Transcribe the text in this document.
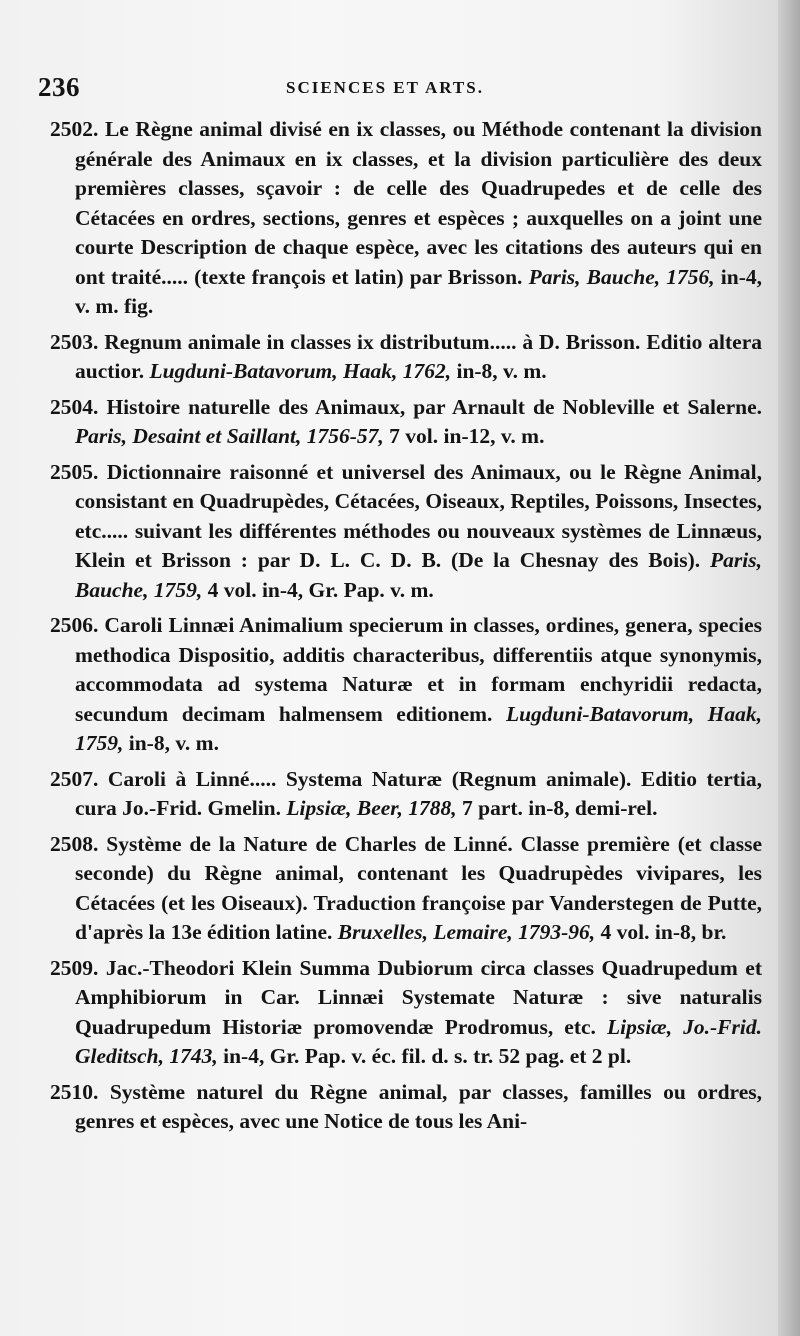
236	SCIENCES ET ARTS.

2502. Le Règne animal divisé en ix classes, ou Méthode contenant la division générale des Animaux en ix classes, et la division particulière des deux premières classes, sçavoir : de celle des Quadrupedes et de celle des Cétacées en ordres, sections, genres et espèces ; auxquelles on a joint une courte Description de chaque espèce, avec les citations des auteurs qui en ont traité..... (texte françois et latin) par Brisson. Paris, Bauche, 1756, in-4, v. m. fig.

2503. Regnum animale in classes ix distributum..... à D. Brisson. Editio altera auctior. Lugduni-Batavorum, Haak, 1762, in-8, v. m.

2504. Histoire naturelle des Animaux, par Arnault de Nobleville et Salerne. Paris, Desaint et Saillant, 1756-57, 7 vol. in-12, v. m.

2505. Dictionnaire raisonné et universel des Animaux, ou le Règne Animal, consistant en Quadrupèdes, Cétacées, Oiseaux, Reptiles, Poissons, Insectes, etc..... suivant les différentes méthodes ou nouveaux systèmes de Linnæus, Klein et Brisson : par D. L. C. D. B. (De la Chesnay des Bois). Paris, Bauche, 1759, 4 vol. in-4, Gr. Pap. v. m.

2506. Caroli Linnæi Animalium specierum in classes, ordines, genera, species methodica Dispositio, additis characteribus, differentiis atque synonymis, accommodata ad systema Naturæ et in formam enchyridii redacta, secundum decimam halmensem editionem. Lugduni-Batavorum, Haak, 1759, in-8, v. m.

2507. Caroli à Linné..... Systema Naturæ (Regnum animale). Editio tertia, cura Jo.-Frid. Gmelin. Lipsiæ, Beer, 1788, 7 part. in-8, demi-rel.

2508. Système de la Nature de Charles de Linné. Classe première (et classe seconde) du Règne animal, contenant les Quadrupèdes vivipares, les Cétacées (et les Oiseaux). Traduction françoise par Vanderstegen de Putte, d'après la 13e édition latine. Bruxelles, Lemaire, 1793-96, 4 vol. in-8, br.

2509. Jac.-Theodori Klein Summa Dubiorum circa classes Quadrupedum et Amphibiorum in Car. Linnæi Systemate Naturæ : sive naturalis Quadrupedum Historiæ promovendæ Prodromus, etc. Lipsiæ, Jo.-Frid. Gleditsch, 1743, in-4, Gr. Pap. v. éc. fil. d. s. tr. 52 pag. et 2 pl.

2510. Système naturel du Règne animal, par classes, familles ou ordres, genres et espèces, avec une Notice de tous les Ani-
